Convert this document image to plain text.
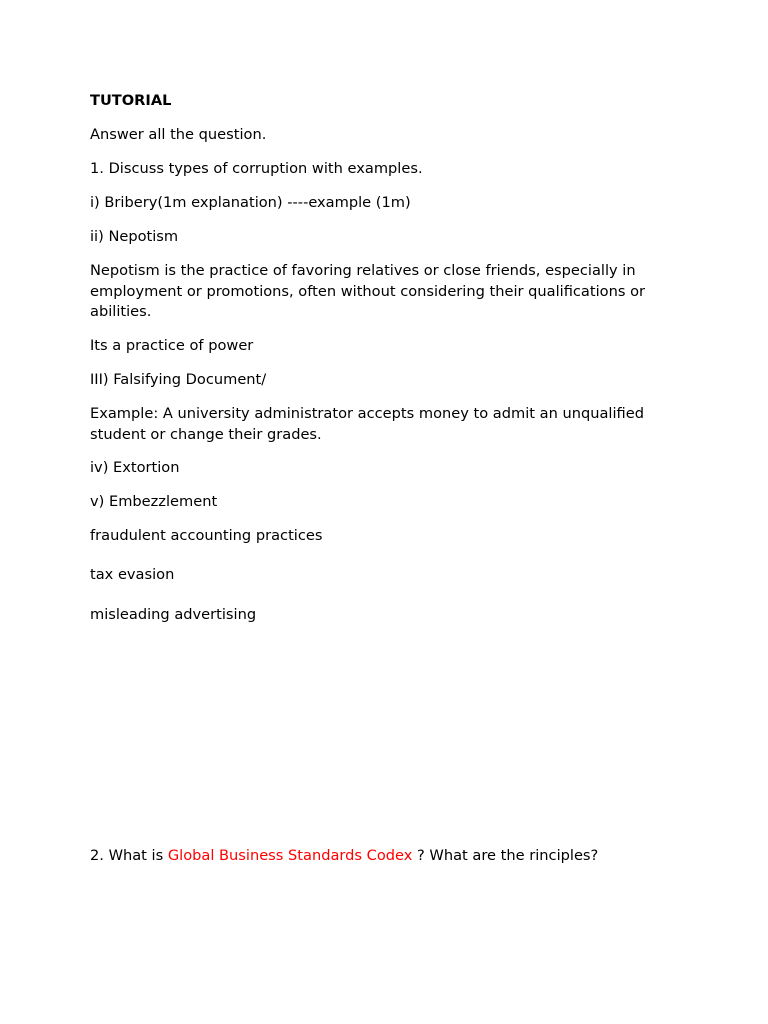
TUTORIAL
Answer all the question.
1. Discuss types of corruption with examples.
i) Bribery(1m explanation) ----example (1m)
ii) Nepotism
Nepotism is the practice of favoring relatives or close friends, especially in employment or promotions, often without considering their qualifications or abilities.
Its a practice of power
III) Falsifying Document/
Example: A university administrator accepts money to admit an unqualified student or change their grades.
iv) Extortion
v) Embezzlement
fraudulent accounting practices
tax evasion
misleading advertising
2. What is Global Business Standards Codex ? What are the rinciples?
